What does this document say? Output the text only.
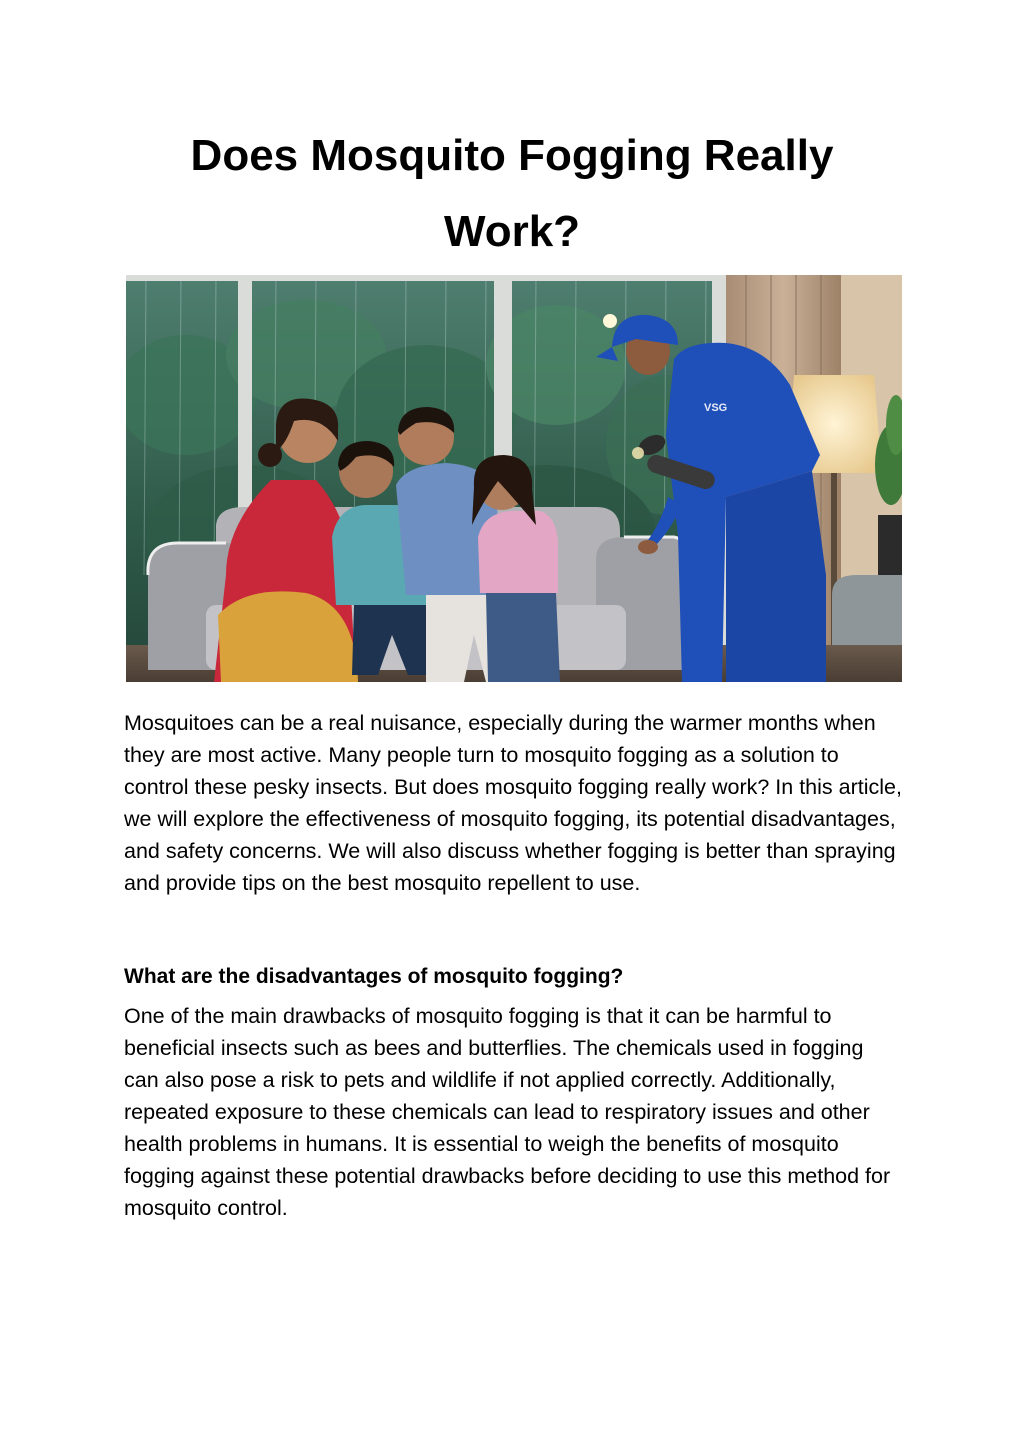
Does Mosquito Fogging Really Work?
VSG

Mosquitoes can be a real nuisance, especially during the warmer months when they are most active. Many people turn to mosquito fogging as a solution to control these pesky insects. But does mosquito fogging really work? In this article, we will explore the effectiveness of mosquito fogging, its potential disadvantages, and safety concerns. We will also discuss whether fogging is better than spraying and provide tips on the best mosquito repellent to use.

What are the disadvantages of mosquito fogging?

One of the main drawbacks of mosquito fogging is that it can be harmful to beneficial insects such as bees and butterflies. The chemicals used in fogging can also pose a risk to pets and wildlife if not applied correctly. Additionally, repeated exposure to these chemicals can lead to respiratory issues and other health problems in humans. It is essential to weigh the benefits of mosquito fogging against these potential drawbacks before deciding to use this method for mosquito control.
